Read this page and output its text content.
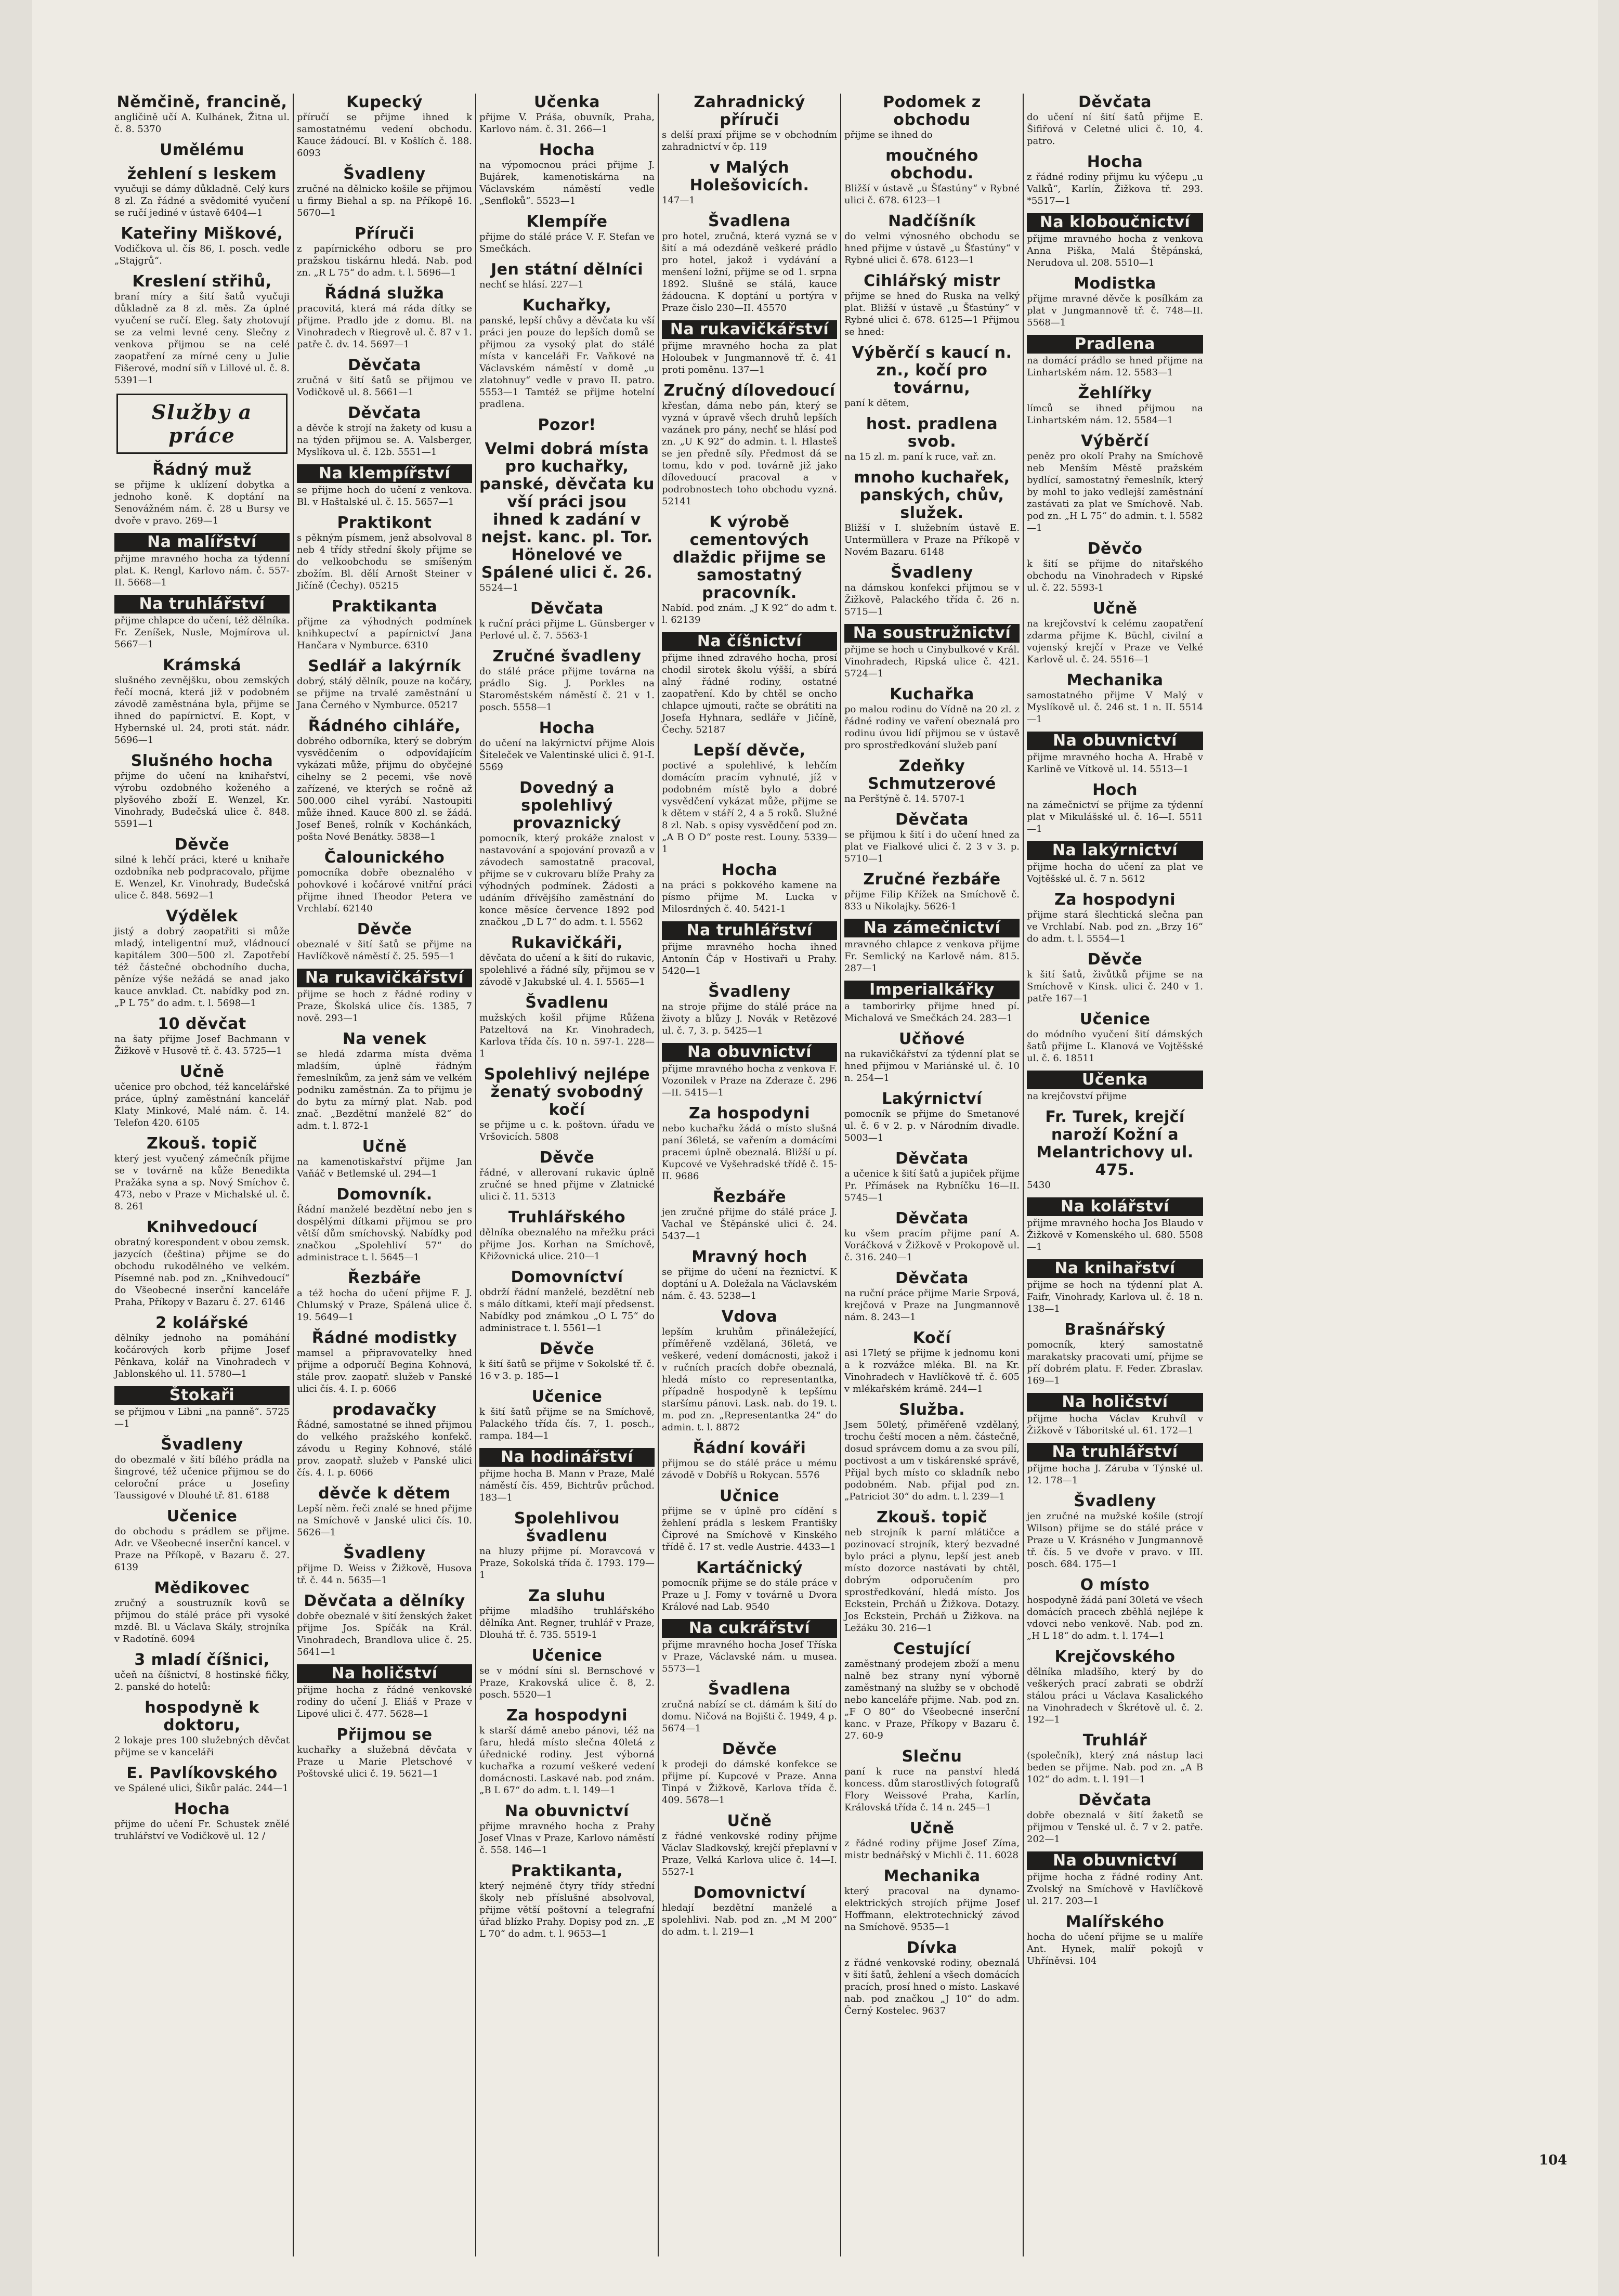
Němčině, francině,
angličině učí A. Kulhánek, Žitna ul. č. 8. 5370
Umělému
žehlení s leskem
vyučuji se dámy důkladně. Celý kurs 8 zl. Za řádné a svědomité vyučení se ručí jediné v ústavě 6404—1
Kateřiny Miškové,
Vodičkova ul. čís 86, I. posch. vedle „Stajgrů“.
Kreslení střihů,
braní míry a šití šatů vyučuji důkladně za 8 zl. měs. Za úplné vyučení se ručí. Eleg. šaty zhotovují se za velmi levné ceny. Slečny z venkova přijmou se na celé zaopatření za mírné ceny u Julie Fišerové, modní síň v Lillové ul. č. 8. 5391—1
Služby a práce
Řádný muž
se přijme k uklízení dobytka a jednoho koně. K doptání na Senovážném nám. č. 28 u Bursy ve dvoře v pravo. 269—1
Na malířství
přijme mravného hocha za týdenní plat. K. Rengl, Karlovo nám. č. 557-II. 5668—1
Na truhlářství
přijme chlapce do učení, též dělníka. Fr. Zeníšek, Nusle, Mojmírova ul. 5667—1
Krámská
slušného zevnějšku, obou zemských řečí mocná, která již v podobném závodě zaměstnána byla, přijme se ihned do papírnictví. E. Kopt, v Hybernské ul. 24, proti stát. nádr. 5696—1
Slušného hocha
přijme do učení na knihařství, výrobu ozdobného koženého a plyšového zboží E. Wenzel, Kr. Vinohrady, Budečská ulice č. 848. 5591—1
Děvče
silné k lehčí práci, které u knihaře ozdobníka neb podpracovalo, přijme E. Wenzel, Kr. Vinohrady, Budečská ulice č. 848. 5692—1
Výdělek
jistý a dobrý zaopatřiti si může mladý, inteligentní muž, vládnoucí kapitálem 300—500 zl. Zapotřebí též částečné obchodního ducha, pěníze výše nežádá se anad jako kauce anvklad. Ct. nabídky pod zn. „P L 75“ do adm. t. l. 5698—1
10 děvčat
na šaty přijme Josef Bachmann v Žižkově v Husově tř. č. 43. 5725—1
Učně
učenice pro obchod, též kancelářské práce, úplný zaměstnání kancelář Klaty Minkové, Malé nám. č. 14. Telefon 420. 6105
Zkouš. topič
který jest vyučený zámečník přijme se v továrně na kůže Benedikta Pražáka syna a sp. Nový Smíchov č. 473, nebo v Praze v Michalské ul. č. 8. 261
Knihvedoucí
obratný korespondent v obou zemsk. jazycích (čeština) přijme se do obchodu rukodělného ve velkém. Písemné nab. pod zn. „Knihvedoucí“ do Všeobecné inserční kanceláře Praha, Příkopy v Bazaru č. 27. 6146
2 kolářské
dělníky jednoho na pomáhání kočárových korb přijme Josef Pěnkava, kolář na Vinohradech v Jablonského ul. 11. 5780—1
Štokaři
se přijmou v Libni „na panně“. 5725—1
Švadleny
do obezmalé v šití bílého prádla na šingrové, též učenice přijmou se do celoroční práce u Josefiny Taussigové v Dlouhé tř. 81. 6188
Učenice
do obchodu s prádlem se přijme. Adr. ve Všeobecné inserční kancel. v Praze na Příkopě, v Bazaru č. 27. 6139
Mědikovec
zručný a soustruzník kovů se přijmou do stálé práce při vysoké mzdě. Bl. u Václava Skály, strojníka v Radotíně. 6094
3 mladí číšnici,
učeň na číšnictví, 8 hostinské fičky, 2. panské do hotelů:
hospodyně k doktoru,
2 lokaje pres 100 služebných děvčat přijme se v kanceláři
E. Pavlíkovského
ve Spálené ulici, Šikůr palác. 244—1
Hocha
přijme do učení Fr. Schustek znělé truhlářství ve Vodičkově ul. 12 /
Kupecký
příručí se přijme ihned k samostatnému vedení obchodu. Kauce žádoucí. Bl. v Košlích č. 188. 6093
Švadleny
zručné na dělnicko košile se přijmou u firmy Biehal a sp. na Příkopě 16. 5670—1
Příruči
z papírnického odboru se pro pražskou tiskárnu hledá. Nab. pod zn. „R L 75“ do adm. t. l. 5696—1
Řádná služka
pracovitá, která má ráda dítky se přijme. Pradlo jde z domu. Bl. na Vinohradech v Riegrově ul. č. 87 v 1. patře č. dv. 14. 5697—1
Děvčata
zručná v šití šatů se přijmou ve Vodičkově ul. 8. 5661—1
Děvčata
a děvče k strojí na žakety od kusu a na týden přijmou se. A. Valsberger, Myslíkova ul. č. 12b. 5551—1
Na klempířství
se přijme hoch do učení z venkova. Bl. v Haštalské ul. č. 15. 5657—1
Praktikont
s pěkným písmem, jenž absolvoval 8 neb 4 třídy střední školy přijme se do velkoobchodu se smíšeným zbožím. Bl. dělí Arnošt Steiner v Jičíně (Čechy). 05215
Praktikanta
přijme za výhodných podmínek knihkupectví a papírnictví Jana Hančara v Nymburce. 6310
Sedlář a lakýrník
dobrý, stálý dělník, pouze na kočáry, se přijme na trvalé zaměstnání u Jana Černého v Nymburce. 05217
Řádného cihláře,
dobrého odborníka, který se dobrým vysvědčením o odpovídajícím vykázati může, přijmu do obyčejné cihelny se 2 pecemi, vše nově zařízené, ve kterých se ročně až 500.000 cihel vyrábí. Nastoupiti může ihned. Kauce 800 zl. se žádá. Josef Beneš, rolník v Kochánkách, pošta Nové Benátky. 5838—1
Čalounického
pomocníka dobře obeznalého v pohovkové i kočárové vnitřní práci přijme ihned Theodor Petera ve Vrchlabí. 62140
Děvče
obeznalé v šití šatů se přijme na Havlíčkově náměstí č. 25. 595—1
Na rukavičkářství
přijme se hoch z řádné rodiny v Praze, Školská ulice čís. 1385, 7 nově. 293—1
Na venek
se hledá zdarma místa dvěma mladším, úplně řádným řemeslníkům, za jenž sám ve velkém podniku zaměstnán. Za to přijmu je do bytu za mírný plat. Nab. pod znač. „Bezdětní manželé 82“ do adm. t. l. 872-1
Učně
na kamenotiskařství přijme Jan Vaňáč v Betlemské ul. 294—1
Domovník.
Řádní manželé bezdětní nebo jen s dospělými dítkami přijmou se pro větší dům smíchovský. Nabídky pod značkou „Spolehliví 57“ do administrace t. l. 5645—1
Řezbáře
a též hocha do učení přijme F. J. Chlumský v Praze, Spálená ulice č. 19. 5649—1
Řádné modistky
mamsel a připravovatelky hned přijme a odporučí Begina Kohnová, stále prov. zaopatř. služeb v Panské ulici čís. 4. I. p. 6066
prodavačky
Řádné, samostatné se ihned přijmou do velkého pražského konfekč. závodu u Reginy Kohnové, stálé prov. zaopatř. služeb v Panské ulici čís. 4. I. p. 6066
děvče k dětem
Lepší něm. řeči znalé se hned přijme na Smíchově v Janské ulici čís. 10. 5626—1
Švadleny
přijme D. Weiss v Žižkově, Husova tř. č. 44 n. 5635—1
Děvčata a dělníky
dobře obeznalé v šití ženských žaket přijme Jos. Spíčák na Král. Vinohradech, Brandlova ulice č. 25. 5641—1
Na holičství
přijme hocha z řádné venkovské rodiny do učení J. Eliáš v Praze v Lipové ulici č. 477. 5628—1
Přijmou se
kuchařky a služebná děvčata v Praze u Marie Pletschové v Poštovské ulici č. 19. 5621—1
Učenka
přijme V. Práša, obuvník, Praha, Karlovo nám. č. 31. 266—1
Hocha
na výpomocnou práci přijme J. Bujárek, kamenotiskárna na Václavském náměstí vedle „Senfloků“. 5523—1
Klempíře
přijme do stálé práce V. F. Stefan ve Smečkách.
Jen státní dělníci
nechť se hlásí. 227—1
Kuchařky,
panské, lepší chůvy a děvčata ku vší práci jen pouze do lepších domů se přijmou za vysoký plat do stálé místa v kanceláři Fr. Vaňkové na Václavském náměstí v domě „u zlatohnuy“ vedle v pravo II. patro. 5553—1 Tamtéž se přijme hotelní pradlena.
Pozor!
Velmi dobrá místa pro kuchařky, panské, děvčata ku vší práci jsou ihned k zadání v nejst. kanc. pl. Tor. Hönelové ve Spálené ulici č. 26.
5524—1
Děvčata
k ruční práci přijme L. Günsberger v Perlové ul. č. 7. 5563-1
Zručné švadleny
do stálé práce přijme továrna na prádlo Sig. J. Porkles na Staroměstském náměstí č. 21 v 1. posch. 5558—1
Hocha
do učení na lakýrnictví přijme Alois Šiteleček ve Valentinské ulici č. 91-I. 5569
Dovedný a spolehlivý provaznický
pomocník, který prokáže znalost v nastavování a spojování provazů a v závodech samostatně pracoval, přijme se v cukrovaru blíže Prahy za výhodných podmínek. Žádosti a udáním dřívějšího zaměstnání do konce měsíce července 1892 pod značkou „D L 7“ do adm. t. l. 5562
Rukavičkáři,
děvčata do učení a k šití do rukavic, spolehlivé a řádné síly, přijmou se v závodě v Jakubské ul. 4. I. 5565—1
Švadlenu
mužských košil přijme Růžena Patzeltová na Kr. Vinohradech, Karlova třída čís. 10 n. 597-1. 228—1
Spolehlivý nejlépe ženatý svobodný kočí
se přijme u c. k. poštovn. úřadu ve Vršovicích. 5808
Děvče
řádné, v allerovaní rukavic úplně zručné se hned přijme v Zlatnické ulici č. 11. 5313
Truhlářského
dělníka obeznalého na mřežku práci přijme Jos. Korhan na Smíchově, Křižovnická ulice. 210—1
Domovníctví
obdrží řádní manželé, bezdětní neb s málo dítkami, kteří mají předsenst. Nabídky pod známkou „O L 75“ do administrace t. l. 5561—1
Děvče
k šití šatů se přijme v Sokolské tř. č. 16 v 3. p. 185—1
Učenice
k šití šatů přijme se na Smíchově, Palackého třída čís. 7, 1. posch., rampa. 184—1
Na hodinářství
přijme hocha B. Mann v Praze, Malé náměstí čís. 459, Bichtrův průchod. 183—1
Spolehlivou švadlenu
na hluzy přijme pí. Moravcová v Praze, Sokolská třída č. 1793. 179—1
Za sluhu
přijme mladšího truhlářského dělníka Ant. Regner, truhlář v Praze, Dlouhá tř. č. 735. 5519-1
Učenice
se v módní síni sl. Bernschové v Praze, Krakovská ulice č. 8, 2. posch. 5520—1
Za hospodyni
k starší dámě anebo pánovi, též na faru, hledá místo slečna 40letá z úřednické rodiny. Jest výborná kuchařka a rozumí veškeré vedení domácnosti. Laskavé nab. pod znám. „B L 67“ do adm. t. l. 149—1
Na obuvnictví
přijme mravného hocha z Prahy Josef Vlnas v Praze, Karlovo náměstí č. 558. 146—1
Praktikanta,
který nejméně čtyry třídy střední školy neb příslušné absolvoval, přijme větší poštovní a telegrafní úřad blízko Prahy. Dopisy pod zn. „E L 70“ do adm. t. l. 9653—1
Zahradnický příruči
s delší praxí přijme se v obchodním zahradnictví v čp. 119
v Malých Holešovicích.
147—1
Švadlena
pro hotel, zručná, která vyzná se v šití a má odezdáně veškeré prádlo pro hotel, jakož i vydávání a menšení ložní, přijme se od 1. srpna 1892. Slušně se stálá, kauce žádoucna. K doptání u portýra v Praze čislo 230—II. 45570
Na rukavičkářství
přijme mravného hocha za plat Holoubek v Jungmannově tř. č. 41 proti poměnu. 137—1
Zručný dílovedoucí
křesťan, dáma nebo pán, který se vyzná v úpravě všech druhů lepších vazánek pro pány, nechť se hlásí pod zn. „U K 92“ do admin. t. l. Hlasteš se jen předně síly. Předmost dá se tomu, kdo v pod. továrně již jako dílovedoucí pracoval a v podrobnostech toho obchodu vyzná. 52141
K výrobě cementových dlaždic přijme se samostatný pracovník.
Nabíd. pod znám. „J K 92“ do adm t. l. 62139
Na číšnictví
přijme ihned zdravého hocha, prosí chodil sirotek školu výšší, a sbírá alný řádné rodiny, ostatné zaopatření. Kdo by chtěl se oncho chlapce ujmouti, račte se obrátiti na Josefa Hyhnara, sedláře v Jičíně, Čechy. 52187
Lepší děvče,
poctivé a spolehlivé, k lehčím domácím pracím vyhnuté, jíž v podobném místě bylo a dobré vysvědčení vykázat může, přijme se k dětem v stáří 2, 4 a 5 roků. Služné 8 zl. Nab. s opisy vysvědčení pod zn. „A B O D“ poste rest. Louny. 5339—1
Hocha
na práci s pokkového kamene na písmo přijme M. Lucka v Milosrdných č. 40. 5421-1
Na truhlářství
přijme mravného hocha ihned Antonín Čáp v Hostivaři u Prahy. 5420—1
Švadleny
na stroje přijme do stálé práce na životy a blůzy J. Novák v Retězové ul. č. 7, 3. p. 5425—1
Na obuvnictví
přijme mravného hocha z venkova F. Vozonilek v Praze na Zderaze č. 296—II. 5415—1
Za hospodyni
nebo kuchařku žádá o místo slušná paní 36letá, se vařením a domácími pracemi úplně obeznalá. Bližší u pí. Kupcové ve Vyšehradské třídě č. 15-II. 9686
Řezbáře
jen zručné přijme do stálé práce J. Vachal ve Štěpánské ulici č. 24. 5437—1
Mravný hoch
se přijme do učení na řeznictví. K doptání u A. Doležala na Václavském nám. č. 43. 5238—1
Vdova
lepším kruhům přináležející, příměřeně vzdělaná, 36letá, ve veškeré, vedení domácnosti, jakož i v ručních pracích dobře obeznalá, hledá místo co representantka, případně hospodyně k tepšímu staršímu pánovi. Lask. nab. do 19. t. m. pod zn. „Representantka 24“ do admin. t. l. 8872
Řádní kováři
přijmou se do stálé práce u mému závodě v Dobříš u Rokycan. 5576
Učnice
přijme se v úplně pro cídění s žehlení prádla s leskem Františky Čiprové na Smíchově v Kinského třídě č. 17 st. vedle Austrie. 4433—1
Kartáčnický
pomocník přijme se do stále práce v Praze u J. Fomy v továrně u Dvora Králové nad Lab. 9540
Na cukrářství
přijme mravného hocha Josef Tříska v Praze, Václavské nám. u musea. 5573—1
Švadlena
zručná nabízí se ct. dámám k šití do domu. Ničová na Bojišti č. 1949, 4 p. 5674—1
Děvče
k prodeji do dámské konfekce se přijme pí. Kupcové v Praze. Anna Tinpá v Žižkově, Karlova třída č. 409. 5678—1
Učně
z řádné venkovské rodiny přijme Václav Sladkovský, krejčí přeplavní v Praze, Velká Karlova ulice č. 14—I. 5527-1
Domovnictví
hledají bezdětní manželé a spolehlivi. Nab. pod zn. „M M 200“ do adm. t. l. 219—1
Podomek z obchodu
přijme se ihned do
moučného obchodu.
Bližší v ústavě „u Šťastúny“ v Rybné ulici č. 678. 6123—1
Nadčíšník
do velmi výnosného obchodu se hned přijme v ústavě „u Šťastúny“ v Rybné ulici č. 678. 6123—1
Cihlářský mistr
přijme se hned do Ruska na velký plat. Bližší v ústavě „u Šťastúny“ v Rybné ulici č. 678. 6125—1 Přijmou se hned:
Výběrčí s kaucí n. zn., kočí pro továrnu,
paní k dětem,
host. pradlena svob.
na 15 zl. m. paní k ruce, vař. zn.
mnoho kuchařek, panských, chův, služek.
Bližší v I. služebním ústavě E. Untermüllera v Praze na Příkopě v Novém Bazaru. 6148
Švadleny
na dámskou konfekci přijmou se v Žižkově, Palackého třída č. 26 n. 5715—1
Na soustružnictví
přijme se hoch u Cinybulkové v Král. Vinohradech, Ripská ulice č. 421. 5724—1
Kuchařka
po malou rodinu do Vídně na 20 zl. z řádné rodiny ve vaření obeznalá pro rodinu úvou lidí přijmou se v ústavě pro sprostředkování služeb paní
Zdeňky Schmutzerové
na Perštýně č. 14. 5707-1
Děvčata
se přijmou k šití i do učení hned za plat ve Fialkové ulici č. 2 3 v 3. p. 5710—1
Zručné řezbáře
přijme Filip Křížek na Smíchově č. 833 u Nikolajky. 5626-1
Na zámečnictví
mravného chlapce z venkova přijme Fr. Semlický na Karlově nám. 815. 287—1
Imperialkářky
a tamborirky přijme hned pí. Michalová ve Smečkách 24. 283—1
Učňové
na rukavičkářství za týdenní plat se hned přijmou v Mariánské ul. č. 10 n. 254—1
Lakýrnictví
pomocník se přijme do Smetanové ul. č. 6 v 2. p. v Národním divadle. 5003—1
Děvčata
a učenice k šití šatů a jupiček přijme Pr. Přímásek na Rybníčku 16—II. 5745—1
Děvčata
ku všem pracím přijme paní A. Voráčková v Žižkově v Prokopově ul. č. 316. 240—1
Děvčata
na ruční práce přijme Marie Srpová, krejčová v Praze na Jungmannově nám. 8. 243—1
Kočí
asi 17letý se přijme k jednomu koni a k rozvážce mléka. Bl. na Kr. Vinohradech v Havlíčkově tř. č. 605 v mlékařském krámě. 244—1
Služba.
Jsem 50letý, přiměřeně vzdělaný, trochu čeští mocen a něm. částečně, dosud správcem domu a za svou pílí, poctivost a um v tiskárenské správě, Přijal bych místo co skladník nebo podobném. Nab. přijal pod zn. „Patriciot 30“ do adm. t. l. 239—1
Zkouš. topič
neb strojník k parní mlátičce a pozinovací strojník, který bezvadné bylo práci a plynu, lepší jest aneb místo dozorce nastávati by chtěl, dobrým odporučením pro sprostředkování, hledá místo. Jos Eckstein, Prcháň u Žižkova. Dotazy. Jos Eckstein, Prcháň u Žižkova. na Ležáku 30. 216—1
Cestující
zaměstnaný prodejem zboží a menu nalně bez strany nyní výborně zaměstnaný na služby se v obchodě nebo kanceláře přijme. Nab. pod zn. „F O 80“ do Všeobecné inserční kanc. v Praze, Příkopy v Bazaru č. 27. 60-9
Slečnu
paní k ruce na panství hledá koncess. dům starostlivých fotografů Flory Weissové Praha, Karlín, Královská třída č. 14 n. 245—1
Učně
z řádné rodiny přijme Josef Zíma, mistr bednářský v Michli č. 11. 6028
Mechanika
který pracoval na dynamo-elektrických strojích přijme Josef Hoffmann, elektrotechnický závod na Smíchově. 9535—1
Dívka
z řádné venkovské rodiny, obeznalá v šití šatů, žehlení a všech domácích pracích, prosí hned o místo. Laskavé nab. pod značkou „J 10“ do adm. Černý Kostelec. 9637
Děvčata
do učení ní šití šatů přijme E. Šifiřová v Celetné ulici č. 10, 4. patro.
Hocha
z řádné rodiny přijmu ku výčepu „u Valků“, Karlín, Žižkova tř. 293. *5517—1
Na kloboučnictví
přijme mravného hocha z venkova Anna Piška, Malá Štěpánská, Nerudova ul. 208. 5510—1
Modistka
přijme mravné děvče k posílkám za plat v Jungmannově tř. č. 748—II. 5568—1
Pradlena
na domácí prádlo se hned přijme na Linhartském nám. 12. 5583—1
Žehlířky
límců se ihned přijmou na Linhartském nám. 12. 5584—1
Výběrčí
peněz pro okolí Prahy na Smíchově neb Menším Městě pražském bydlící, samostatný řemeslník, který by mohl to jako vedlejší zaměstnání zastávati za plat ve Smíchově. Nab. pod zn. „H L 75“ do admin. t. l. 5582—1
Děvčo
k šití se přijme do nitařského obchodu na Vinohradech v Ripské ul. č. 22. 5593-1
Učně
na krejčovství k celému zaopatření zdarma přijme K. Büchl, civilní a vojenský krejčí v Praze ve Velké Karlově ul. č. 24. 5516—1
Mechanika
samostatného přijme V Malý v Myslíkově ul. č. 246 st. 1 n. II. 5514—1
Na obuvnictví
přijme mravného hocha A. Hrabě v Karlině ve Vítkově ul. 14. 5513—1
Hoch
na zámečnictví se přijme za týdenní plat v Mikulášské ul. č. 16—I. 5511—1
Na lakýrnictví
přijme hocha do učení za plat ve Vojtěšské ul. č. 7 n. 5612
Za hospodyni
přijme stará šlechtická slečna pan ve Vrchlabí. Nab. pod zn. „Brzy 16“ do adm. t. l. 5554—1
Děvče
k šití šatů, živůtků přijme se na Smíchově v Kinsk. ulici č. 240 v 1. patře 167—1
Učenice
do módního vyučení šití dámských šatů přijme L. Klanová ve Vojtěšské ul. č. 6. 18511
Učenka
na krejčovství přijme
Fr. Turek, krejčí naroží Kožní a Melantrichovy ul. 475.
5430
Na kolářství
přijme mravného hocha Jos Blaudo v Žižkově v Komenského ul. 680. 5508—1
Na knihařství
přijme se hoch na týdenní plat A. Faifr, Vinohrady, Karlova ul. č. 18 n. 138—1
Brašnářský
pomocník, který samostatně marakatsky pracovati umí, přijme se pří dobrém platu. F. Feder. Zbraslav. 169—1
Na holičství
přijme hocha Václav Kruhvíl v Žižkově v Táboritské ul. 61. 172—1
Na truhlářství
přijme hocha J. Záruba v Týnské ul. 12. 178—1
Švadleny
jen zručné na mužské košile (strojí Wilson) přijme se do stálé práce v Praze u V. Krásného v Jungmannově tř. čís. 5 ve dvoře v pravo. v III. posch. 684. 175—1
O místo
hospodyně žádá paní 30letá ve všech domácích pracech zběhlá nejlépe k vdovci nebo venkově. Nab. pod zn. „H L 18“ do adm. t. l. 174—1
Krejčovského
dělníka mladšího, který by do veškerých prací zabrati se obdrží stálou práci u Václava Kasalického na Vinohradech v Škrétově ul. č. 2. 192—1
Truhlář
(společník), který zná nástup laci beden se přijme. Nab. pod zn. „A B 102“ do adm. t. l. 191—1
Děvčata
dobře obeznalá v šití žaketů se přijmou v Tenské ul. č. 7 v 2. patře. 202—1
Na obuvnictví
přijme hocha z řádné rodiny Ant. Zvolský na Smíchově v Havlíčkově ul. 217. 203—1
Malířského
hocha do učení přijme se u malíře Ant. Hynek, malíř pokojů v Uhříněvsi. 104
104
